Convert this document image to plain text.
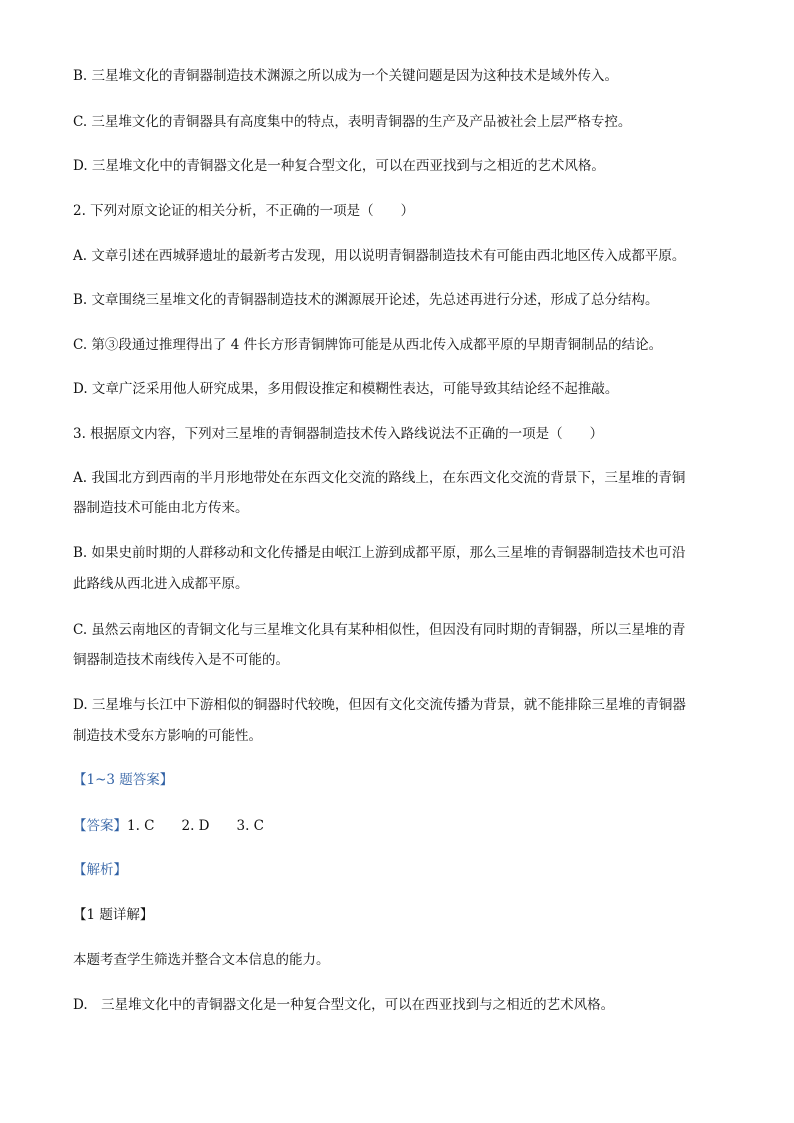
B. 三星堆文化的青铜器制造技术渊源之所以成为一个关键问题是因为这种技术是域外传入。
C. 三星堆文化的青铜器具有高度集中的特点，表明青铜器的生产及产品被社会上层严格专控。
D. 三星堆文化中的青铜器文化是一种复合型文化，可以在西亚找到与之相近的艺术风格。
2. 下列对原文论证的相关分析，不正确的一项是（　　）
A. 文章引述在西城驿遗址的最新考古发现，用以说明青铜器制造技术有可能由西北地区传入成都平原。
B. 文章围绕三星堆文化的青铜器制造技术的渊源展开论述，先总述再进行分述，形成了总分结构。
C. 第③段通过推理得出了 4 件长方形青铜牌饰可能是从西北传入成都平原的早期青铜制品的结论。
D. 文章广泛采用他人研究成果，多用假设推定和模糊性表达，可能导致其结论经不起推敲。
3. 根据原文内容，下列对三星堆的青铜器制造技术传入路线说法不正确的一项是（　　）
A. 我国北方到西南的半月形地带处在东西文化交流的路线上，在东西文化交流的背景下，三星堆的青铜
器制造技术可能由北方传来。
B. 如果史前时期的人群移动和文化传播是由岷江上游到成都平原，那么三星堆的青铜器制造技术也可沿
此路线从西北进入成都平原。
C. 虽然云南地区的青铜文化与三星堆文化具有某种相似性，但因没有同时期的青铜器，所以三星堆的青
铜器制造技术南线传入是不可能的。
D. 三星堆与长江中下游相似的铜器时代较晚，但因有文化交流传播为背景，就不能排除三星堆的青铜器
制造技术受东方影响的可能性。
【1~3 题答案】
【答案】1. C　　2. D　　3. C
【解析】
【1 题详解】
本题考查学生筛选并整合文本信息的能力。
D.　三星堆文化中的青铜器文化是一种复合型文化，可以在西亚找到与之相近的艺术风格。
